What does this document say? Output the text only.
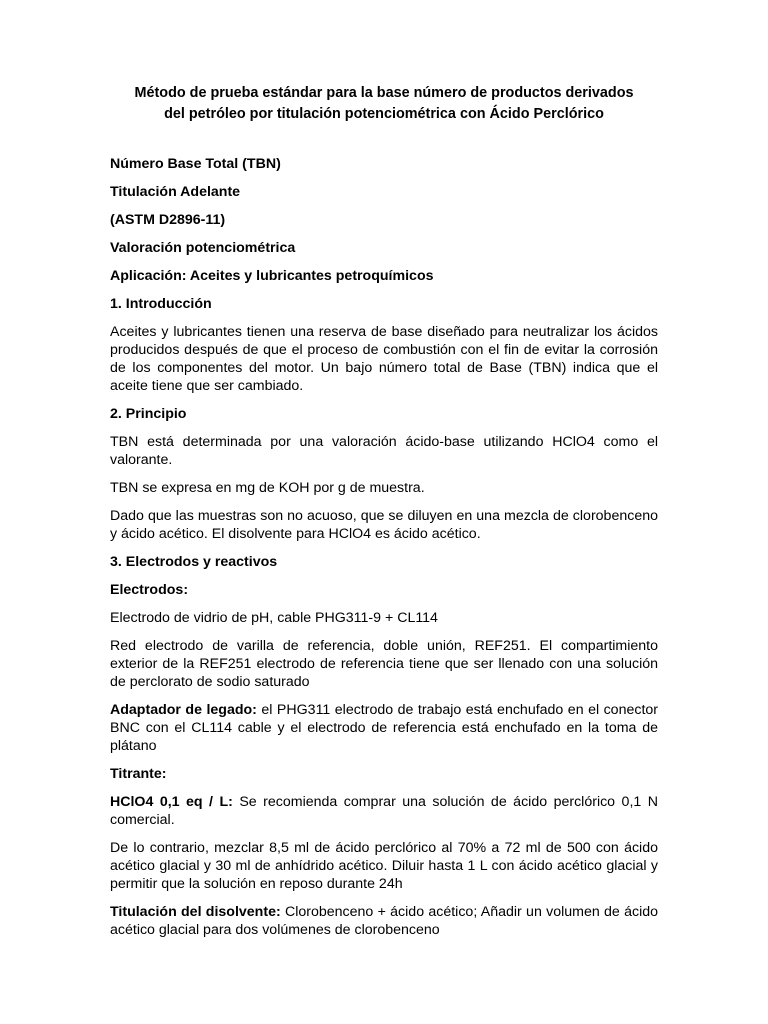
Método de prueba estándar para la base número de productos derivados
del petróleo por titulación potenciométrica con Ácido Perclórico
Número Base Total (TBN)
Titulación Adelante
(ASTM D2896-11)
Valoración potenciométrica
Aplicación: Aceites y lubricantes petroquímicos
1. Introducción
Aceites y lubricantes tienen una reserva de base diseñado para neutralizar los ácidos producidos después de que el proceso de combustión con el fin de evitar la corrosión de los componentes del motor. Un bajo número total de Base (TBN) indica que el aceite tiene que ser cambiado.
2. Principio
TBN está determinada por una valoración ácido-base utilizando HClO4 como el valorante.
TBN se expresa en mg de KOH por g de muestra.
Dado que las muestras son no acuoso, que se diluyen en una mezcla de clorobenceno y ácido acético. El disolvente para HClO4 es ácido acético.
3. Electrodos y reactivos
Electrodos:
Electrodo de vidrio de pH, cable PHG311-9 + CL114
Red electrodo de varilla de referencia, doble unión, REF251. El compartimiento exterior de la REF251 electrodo de referencia tiene que ser llenado con una solución de perclorato de sodio saturado
Adaptador de legado: el PHG311 electrodo de trabajo está enchufado en el conector BNC con el CL114 cable y el electrodo de referencia está enchufado en la toma de plátano
Titrante:
HClO4 0,1 eq / L: Se recomienda comprar una solución de ácido perclórico 0,1 N comercial.
De lo contrario, mezclar 8,5 ml de ácido perclórico al 70% a 72 ml de 500 con ácido acético glacial y 30 ml de anhídrido acético. Diluir hasta 1 L con ácido acético glacial y permitir que la solución en reposo durante 24h
Titulación del disolvente: Clorobenceno + ácido acético; Añadir un volumen de ácido acético glacial para dos volúmenes de clorobenceno
